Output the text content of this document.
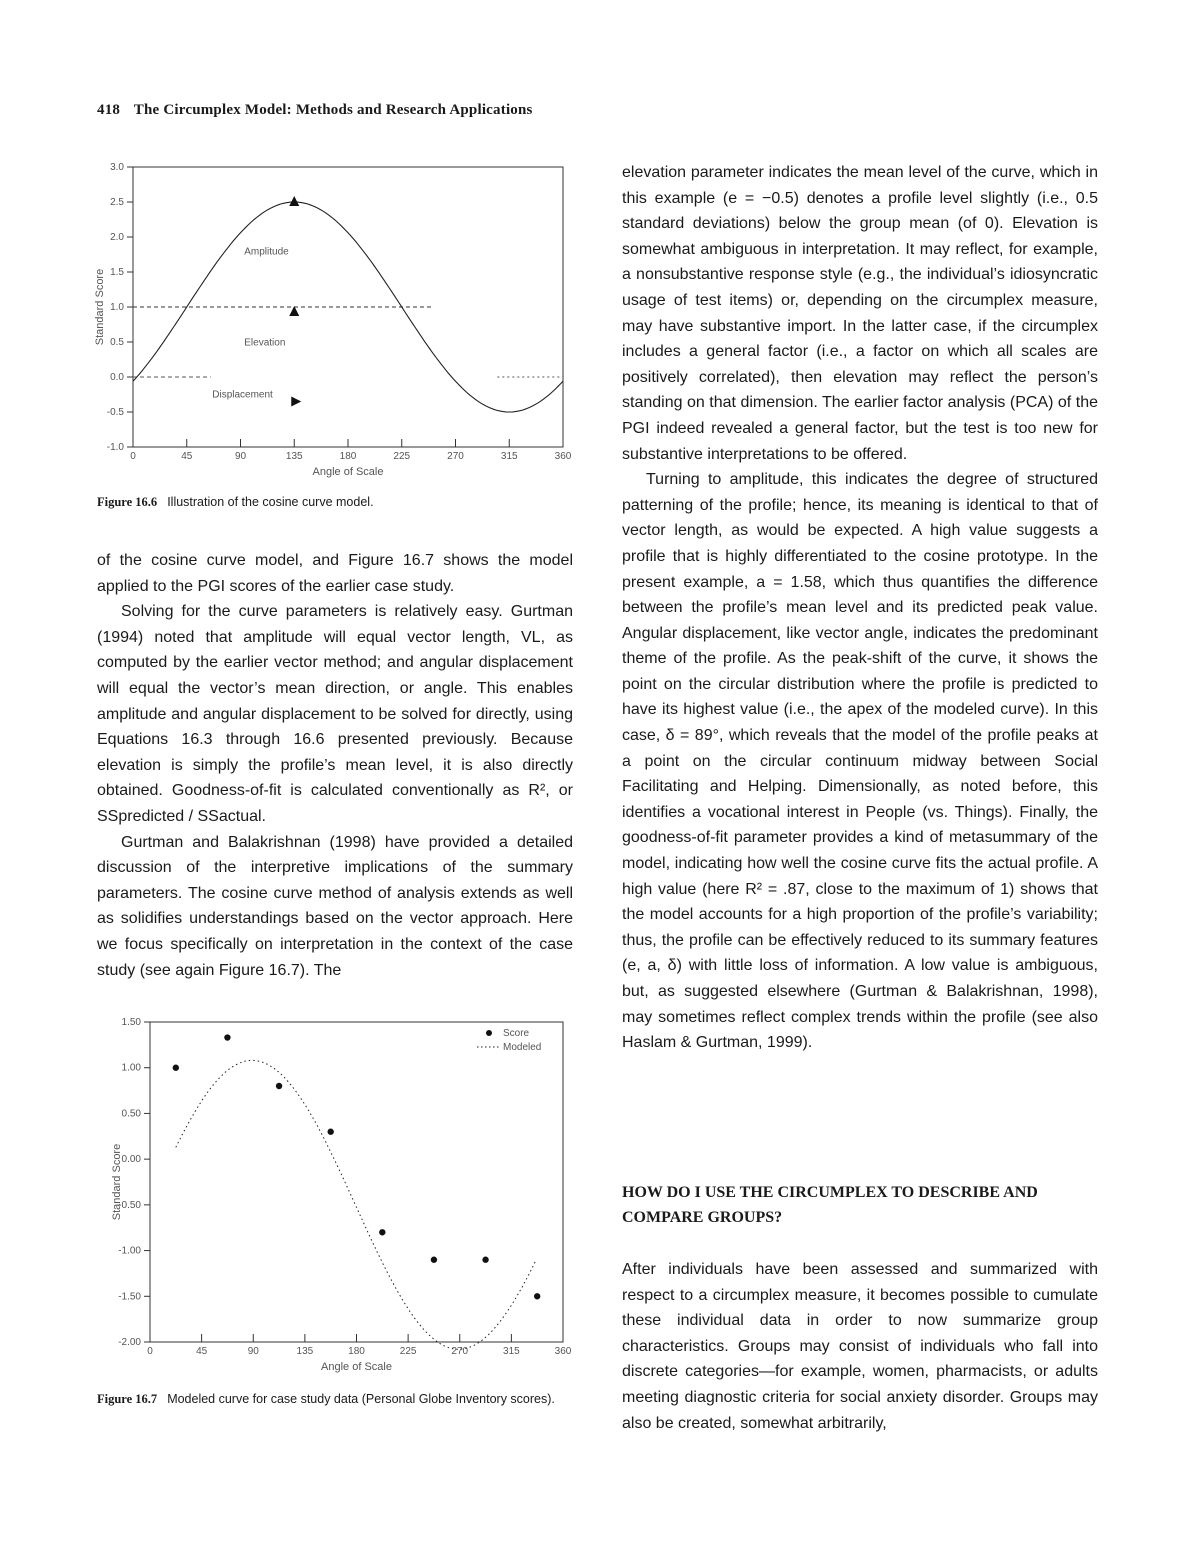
418 The Circumplex Model: Methods and Research Applications
3.0
2.5
2.0
1.5
1.0
0.5
0.0
-0.5
-1.0
0	45	90	135	180	225	270	315	360
Angle of Scale
Standard Score
Amplitude
Elevation
Displacement
Figure 16.6 Illustration of the cosine curve model.

of the cosine curve model, and Figure 16.7 shows the model applied to the PGI scores of the earlier case study.

Solving for the curve parameters is relatively easy. Gurtman (1994) noted that amplitude will equal vector length, VL, as computed by the earlier vector method; and angular displacement will equal the vector’s mean direction, or angle. This enables amplitude and angular displacement to be solved for directly, using Equations 16.3 through 16.6 presented previously. Because elevation is simply the profile’s mean level, it is also directly obtained. Goodness-of-fit is calculated conventionally as R², or SSpredicted / SSactual.

Gurtman and Balakrishnan (1998) have provided a detailed discussion of the interpretive implications of the summary parameters. The cosine curve method of analysis extends as well as solidifies understandings based on the vector approach. Here we focus specifically on interpretation in the context of the case study (see again Figure 16.7). The

1.50
1.00
0.50
0.00
-0.50
-1.00
-1.50
-2.00
0	45	90	135	180	225	270	315	360
Angle of Scale
Standard Score
Score
Modeled
Figure 16.7 Modeled curve for case study data (Personal Globe Inventory scores).

elevation parameter indicates the mean level of the curve, which in this example (e = −0.5) denotes a profile level slightly (i.e., 0.5 standard deviations) below the group mean (of 0). Elevation is somewhat ambiguous in interpretation. It may reflect, for example, a nonsubstantive response style (e.g., the individual’s idiosyncratic usage of test items) or, depending on the circumplex measure, may have substantive import. In the latter case, if the circumplex includes a general factor (i.e., a factor on which all scales are positively correlated), then elevation may reflect the person’s standing on that dimension. The earlier factor analysis (PCA) of the PGI indeed revealed a general factor, but the test is too new for substantive interpretations to be offered.

Turning to amplitude, this indicates the degree of structured patterning of the profile; hence, its meaning is identical to that of vector length, as would be expected. A high value suggests a profile that is highly differentiated to the cosine prototype. In the present example, a = 1.58, which thus quantifies the difference between the profile’s mean level and its predicted peak value. Angular displacement, like vector angle, indicates the predominant theme of the profile. As the peak-shift of the curve, it shows the point on the circular distribution where the profile is predicted to have its highest value (i.e., the apex of the modeled curve). In this case, δ = 89°, which reveals that the model of the profile peaks at a point on the circular continuum midway between Social Facilitating and Helping. Dimensionally, as noted before, this identifies a vocational interest in People (vs. Things). Finally, the goodness-of-fit parameter provides a kind of metasummary of the model, indicating how well the cosine curve fits the actual profile. A high value (here R² = .87, close to the maximum of 1) shows that the model accounts for a high proportion of the profile’s variability; thus, the profile can be effectively reduced to its summary features (e, a, δ) with little loss of information. A low value is ambiguous, but, as suggested elsewhere (Gurtman & Balakrishnan, 1998), may sometimes reflect complex trends within the profile (see also Haslam & Gurtman, 1999).

HOW DO I USE THE CIRCUMPLEX TO DESCRIBE AND COMPARE GROUPS?

After individuals have been assessed and summarized with respect to a circumplex measure, it becomes possible to cumulate these individual data in order to now summarize group characteristics. Groups may consist of individuals who fall into discrete categories—for example, women, pharmacists, or adults meeting diagnostic criteria for social anxiety disorder. Groups may also be created, somewhat arbitrarily,
